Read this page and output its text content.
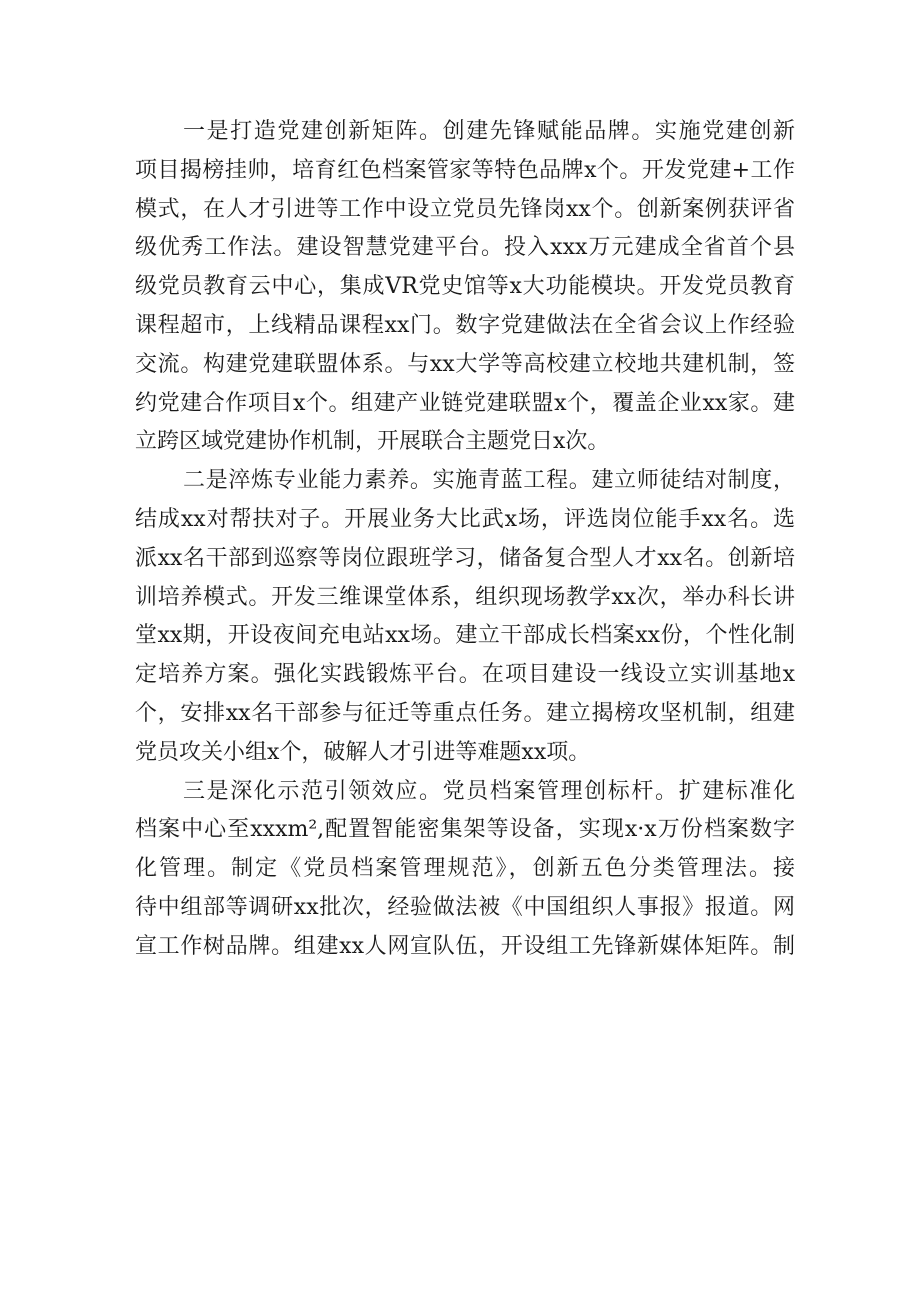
一是打造党建创新矩阵。创建先锋赋能品牌。实施党建创新
项目揭榜挂帅，培育红色档案管家等特色品牌x个。开发党建+工作
模式，在人才引进等工作中设立党员先锋岗xx个。创新案例获评省
级优秀工作法。建设智慧党建平台。投入xxx万元建成全省首个县
级党员教育云中心，集成VR党史馆等x大功能模块。开发党员教育
课程超市，上线精品课程xx门。数字党建做法在全省会议上作经验
交流。构建党建联盟体系。与xx大学等高校建立校地共建机制，签
约党建合作项目x个。组建产业链党建联盟x个，覆盖企业xx家。建
立跨区域党建协作机制，开展联合主题党日x次。
二是淬炼专业能力素养。实施青蓝工程。建立师徒结对制度，
结成xx对帮扶对子。开展业务大比武x场，评选岗位能手xx名。选
派xx名干部到巡察等岗位跟班学习，储备复合型人才xx名。创新培
训培养模式。开发三维课堂体系，组织现场教学xx次，举办科长讲
堂xx期，开设夜间充电站xx场。建立干部成长档案xx份，个性化制
定培养方案。强化实践锻炼平台。在项目建设一线设立实训基地x
个，安排xx名干部参与征迁等重点任务。建立揭榜攻坚机制，组建
党员攻关小组x个，破解人才引进等难题xx项。
三是深化示范引领效应。党员档案管理创标杆。扩建标准化
档案中心至xxxm²,配置智能密集架等设备，实现x·x万份档案数字
化管理。制定《党员档案管理规范》，创新五色分类管理法。接
待中组部等调研xx批次，经验做法被《中国组织人事报》报道。网
宣工作树品牌。组建xx人网宣队伍，开设组工先锋新媒体矩阵。制
